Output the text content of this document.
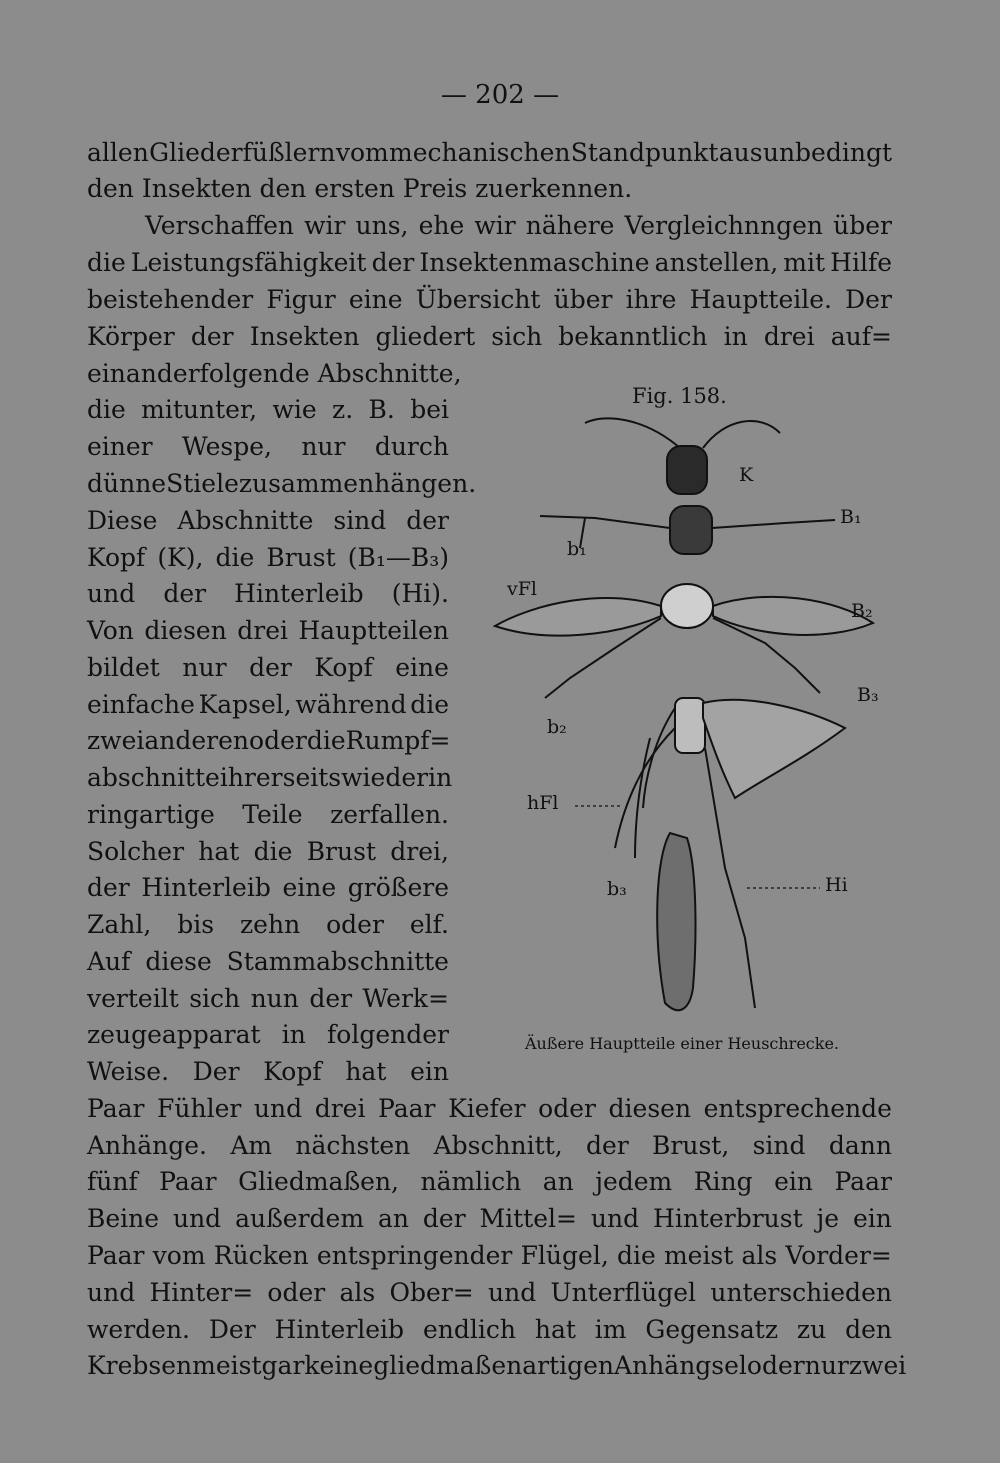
— 202 —
allen Gliederfüßlern vom mechanischen Standpunkt aus unbedingt
den Insekten den ersten Preis zuerkennen.
Verschaffen wir uns, ehe wir nähere Vergleichnngen über
die Leistungsfähigkeit der Insektenmaschine anstellen, mit Hilfe
beistehender Figur eine Übersicht über ihre Hauptteile. Der
Körper der Insekten gliedert sich bekanntlich in drei auf=
einanderfolgende Abschnitte,
die mitunter, wie z. B. bei
einer Wespe, nur durch
dünne Stiele zusammenhängen.
Diese Abschnitte sind der
Kopf (K), die Brust (B₁—B₃)
und der Hinterleib (Hi).
Von diesen drei Hauptteilen
bildet nur der Kopf eine
einfache Kapsel, während die
zwei anderen oder die Rumpf=
abschnitte ihrerseits wieder in
ringartige Teile zerfallen.
Solcher hat die Brust drei,
der Hinterleib eine größere
Zahl, bis zehn oder elf.
Auf diese Stammabschnitte
verteilt sich nun der Werk=
zeugeapparat in folgender
Weise. Der Kopf hat ein
Paar Fühler und drei Paar Kiefer oder diesen entsprechende
Anhänge. Am nächsten Abschnitt, der Brust, sind dann
fünf Paar Gliedmaßen, nämlich an jedem Ring ein Paar
Beine und außerdem an der Mittel= und Hinterbrust je ein
Paar vom Rücken entspringender Flügel, die meist als Vorder=
und Hinter= oder als Ober= und Unterflügel unterschieden
werden. Der Hinterleib endlich hat im Gegensatz zu den
Krebsen meist gar keine gliedmaßenartigen Anhängsel oder nur zwei
Fig. 158.
K
B₁
b₁
vFl
B₂
B₃
b₂
hFl
b₃	Hi
Äußere Hauptteile einer Heuschrecke.
